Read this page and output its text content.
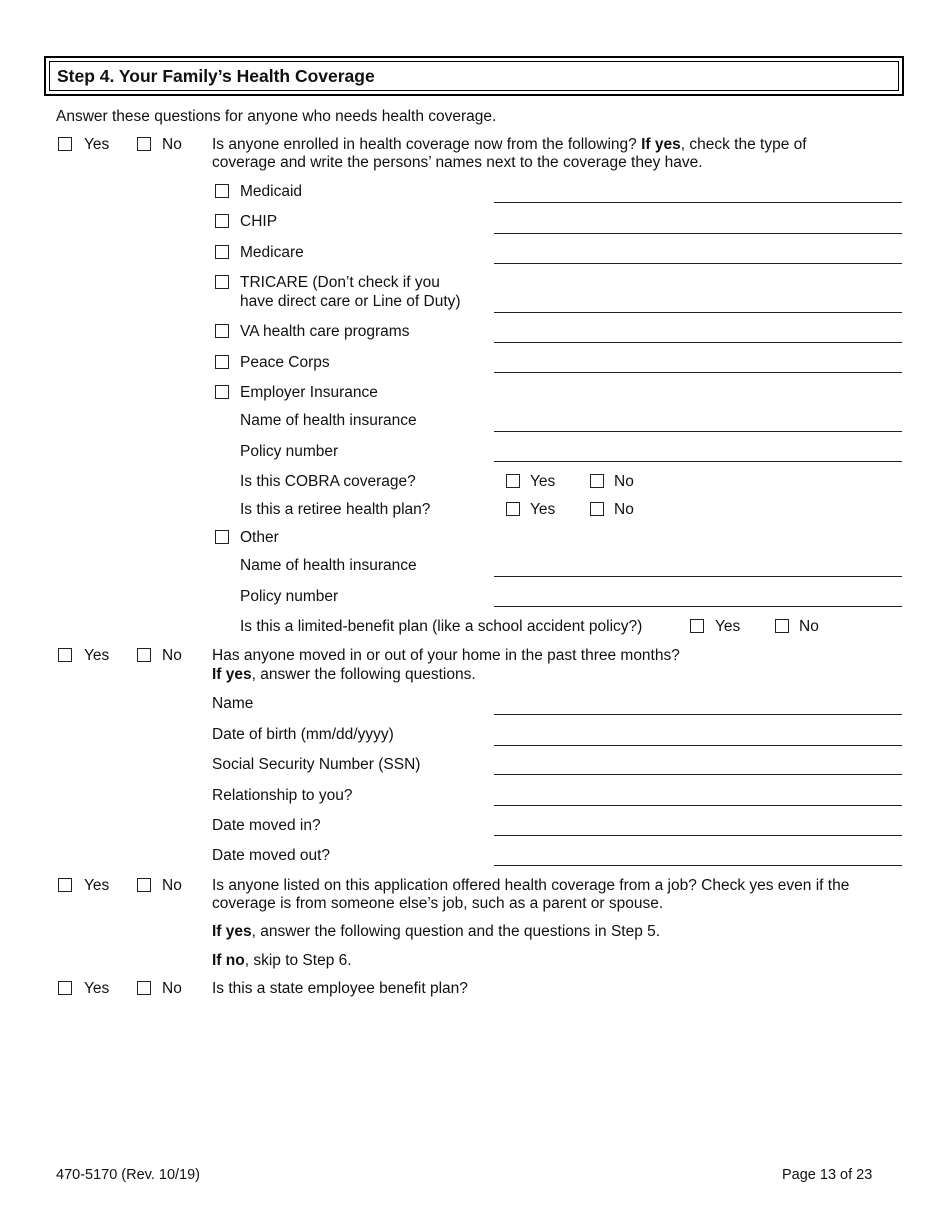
Step 4. Your Family’s Health Coverage
Answer these questions for anyone who needs health coverage.
Yes	No Is anyone enrolled in health coverage now from the following? If yes, check the type of
coverage and write the persons’ names next to the coverage they have.
Medicaid
CHIP
Medicare
TRICARE (Don’t check if you
have direct care or Line of Duty)
VA health care programs
Peace Corps
Employer Insurance
Name of health insurance
Policy number
Is this COBRA coverage?	Yes	No
Is this a retiree health plan?	Yes	No
Other
Name of health insurance
Policy number
Is this a limited-benefit plan (like a school accident policy?)	Yes	No
Yes	No Has anyone moved in or out of your home in the past three months?
If yes, answer the following questions.
Name
Date of birth (mm/dd/yyyy)
Social Security Number (SSN)
Relationship to you?
Date moved in?
Date moved out?
Yes	No Is anyone listed on this application offered health coverage from a job? Check yes even if the
coverage is from someone else’s job, such as a parent or spouse.
If yes, answer the following question and the questions in Step 5.
If no, skip to Step 6.
Yes	No Is this a state employee benefit plan?
470-5170 (Rev. 10/19)	Page 13 of 23
